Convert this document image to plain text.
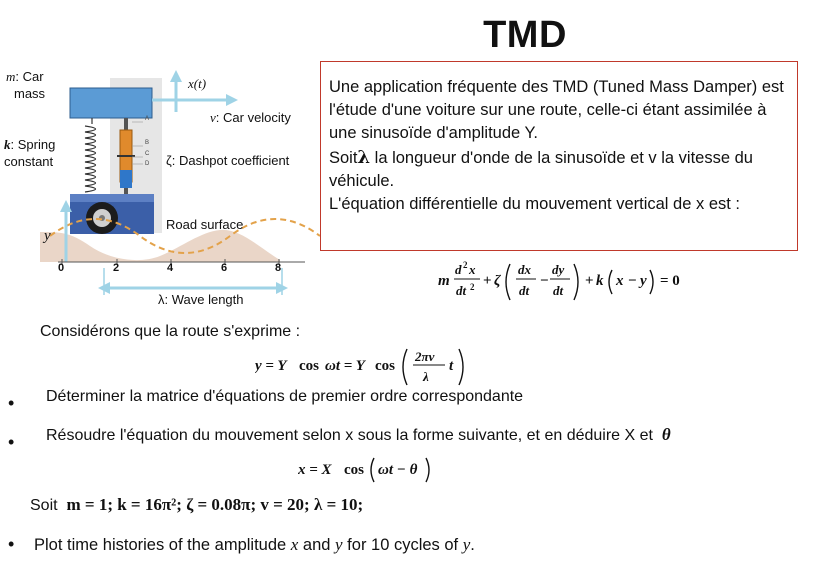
TMD
m: Car
mass
k: Spring
constant
x(t)
v: Car velocity
ζ: Dashpot coefficient
A
B
C
D
Road surface
y
0	2	4	6	8
λ: Wave length
Une application fréquente des TMD (Tuned Mass Damper) est l'étude d'une voiture sur une route, celle-ci étant assimilée à une sinusoïde d'amplitude Y.
Soitλ la longueur d'onde de la sinusoïde et v la vitesse du véhicule.
L'équation différentielle du mouvement vertical de x est :
m
d 2 x
dt 2 + ζ
dx
dt
−
dy
dt
+ k x − y = 0
Considérons que la route s'exprime :
y = Y cos ωt = Y cos
2πv
λ
t
• Déterminer la matrice d'équations de premier ordre correspondante
• Résoudre l'équation du mouvement selon x sous la forme suivante, et en déduire X et θ
x = X cos ωt − θ
Soit m = 1; k = 16π²; ζ = 0.08π; v = 20; λ = 10;
• Plot time histories of the amplitude x and y for 10 cycles of y.
